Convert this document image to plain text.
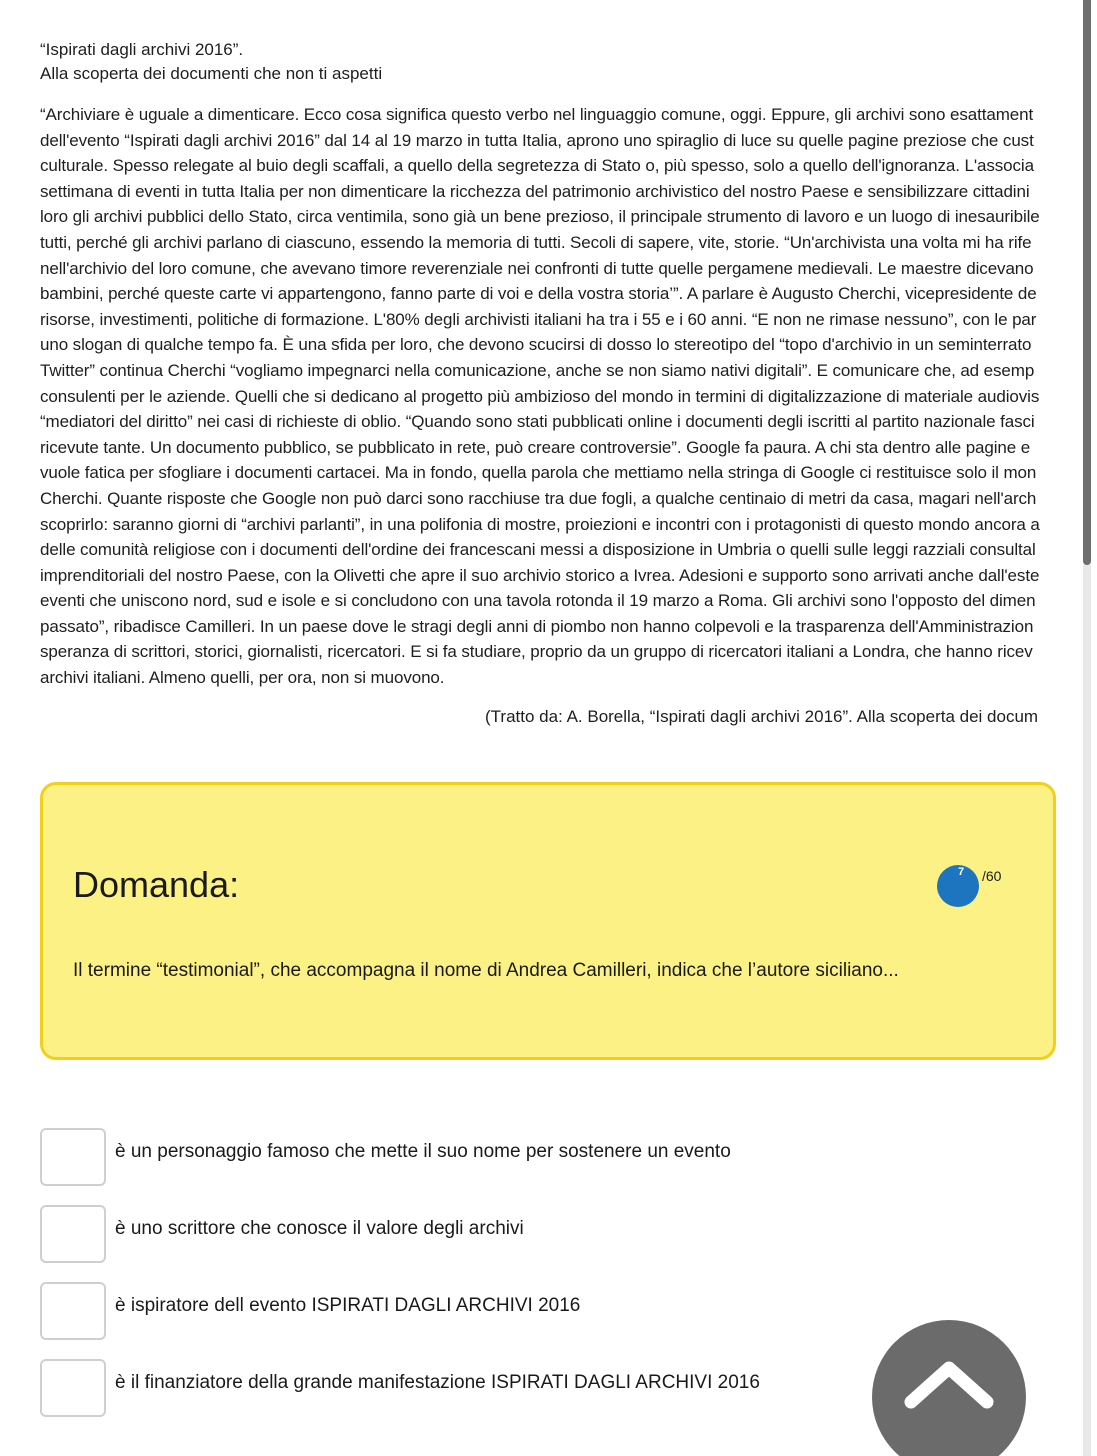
“Ispirati dagli archivi 2016”.

Alla scoperta dei documenti che non ti aspetti

“Archiviare è uguale a dimenticare. Ecco cosa significa questo verbo nel linguaggio comune, oggi. Eppure, gli archivi sono esattament
dell'evento “Ispirati dagli archivi 2016” dal 14 al 19 marzo in tutta Italia, aprono uno spiraglio di luce su quelle pagine preziose che cust
culturale. Spesso relegate al buio degli scaffali, a quello della segretezza di Stato o, più spesso, solo a quello dell'ignoranza. L'associa
settimana di eventi in tutta Italia per non dimenticare la ricchezza del patrimonio archivistico del nostro Paese e sensibilizzare cittadini
loro gli archivi pubblici dello Stato, circa ventimila, sono già un bene prezioso, il principale strumento di lavoro e un luogo di inesauribile
tutti, perché gli archivi parlano di ciascuno, essendo la memoria di tutti. Secoli di sapere, vite, storie. “Un'archivista una volta mi ha rife
nell'archivio del loro comune, che avevano timore reverenziale nei confronti di tutte quelle pergamene medievali. Le maestre dicevano
bambini, perché queste carte vi appartengono, fanno parte di voi e della vostra storia’”. A parlare è Augusto Cherchi, vicepresidente de
risorse, investimenti, politiche di formazione. L'80% degli archivisti italiani ha tra i 55 e i 60 anni. “E non ne rimase nessuno”, con le par
uno slogan di qualche tempo fa. È una sfida per loro, che devono scucirsi di dosso lo stereotipo del “topo d'archivio in un seminterrato
Twitter” continua Cherchi “vogliamo impegnarci nella comunicazione, anche se non siamo nativi digitali”. E comunicare che, ad esemp
consulenti per le aziende. Quelli che si dedicano al progetto più ambizioso del mondo in termini di digitalizzazione di materiale audiovis
“mediatori del diritto” nei casi di richieste di oblio. “Quando sono stati pubblicati online i documenti degli iscritti al partito nazionale fasci
ricevute tante. Un documento pubblico, se pubblicato in rete, può creare controversie”. Google fa paura. A chi sta dentro alle pagine e
vuole fatica per sfogliare i documenti cartacei. Ma in fondo, quella parola che mettiamo nella stringa di Google ci restituisce solo il mon
Cherchi. Quante risposte che Google non può darci sono racchiuse tra due fogli, a qualche centinaio di metri da casa, magari nell'arch
scoprirlo: saranno giorni di “archivi parlanti”, in una polifonia di mostre, proiezioni e incontri con i protagonisti di questo mondo ancora a
delle comunità religiose con i documenti dell'ordine dei francescani messi a disposizione in Umbria o quelli sulle leggi razziali consultal
imprenditoriali del nostro Paese, con la Olivetti che apre il suo archivio storico a Ivrea. Adesioni e supporto sono arrivati anche dall'este
eventi che uniscono nord, sud e isole e si concludono con una tavola rotonda il 19 marzo a Roma. Gli archivi sono l'opposto del dimen
passato”, ribadisce Camilleri. In un paese dove le stragi degli anni di piombo non hanno colpevoli e la trasparenza dell'Amministrazion
speranza di scrittori, storici, giornalisti, ricercatori. E si fa studiare, proprio da un gruppo di ricercatori italiani a Londra, che hanno ricev
archivi italiani. Almeno quelli, per ora, non si muovono.
(Tratto da: A. Borella, “Ispirati dagli archivi 2016”. Alla scoperta dei docum
Domanda:	7	/60
Il termine “testimonial”, che accompagna il nome di Andrea Camilleri, indica che l’autore siciliano...
è un personaggio famoso che mette il suo nome per sostenere un evento
è uno scrittore che conosce il valore degli archivi
è ispiratore dell evento ISPIRATI DAGLI ARCHIVI 2016
è il finanziatore della grande manifestazione ISPIRATI DAGLI ARCHIVI 2016
